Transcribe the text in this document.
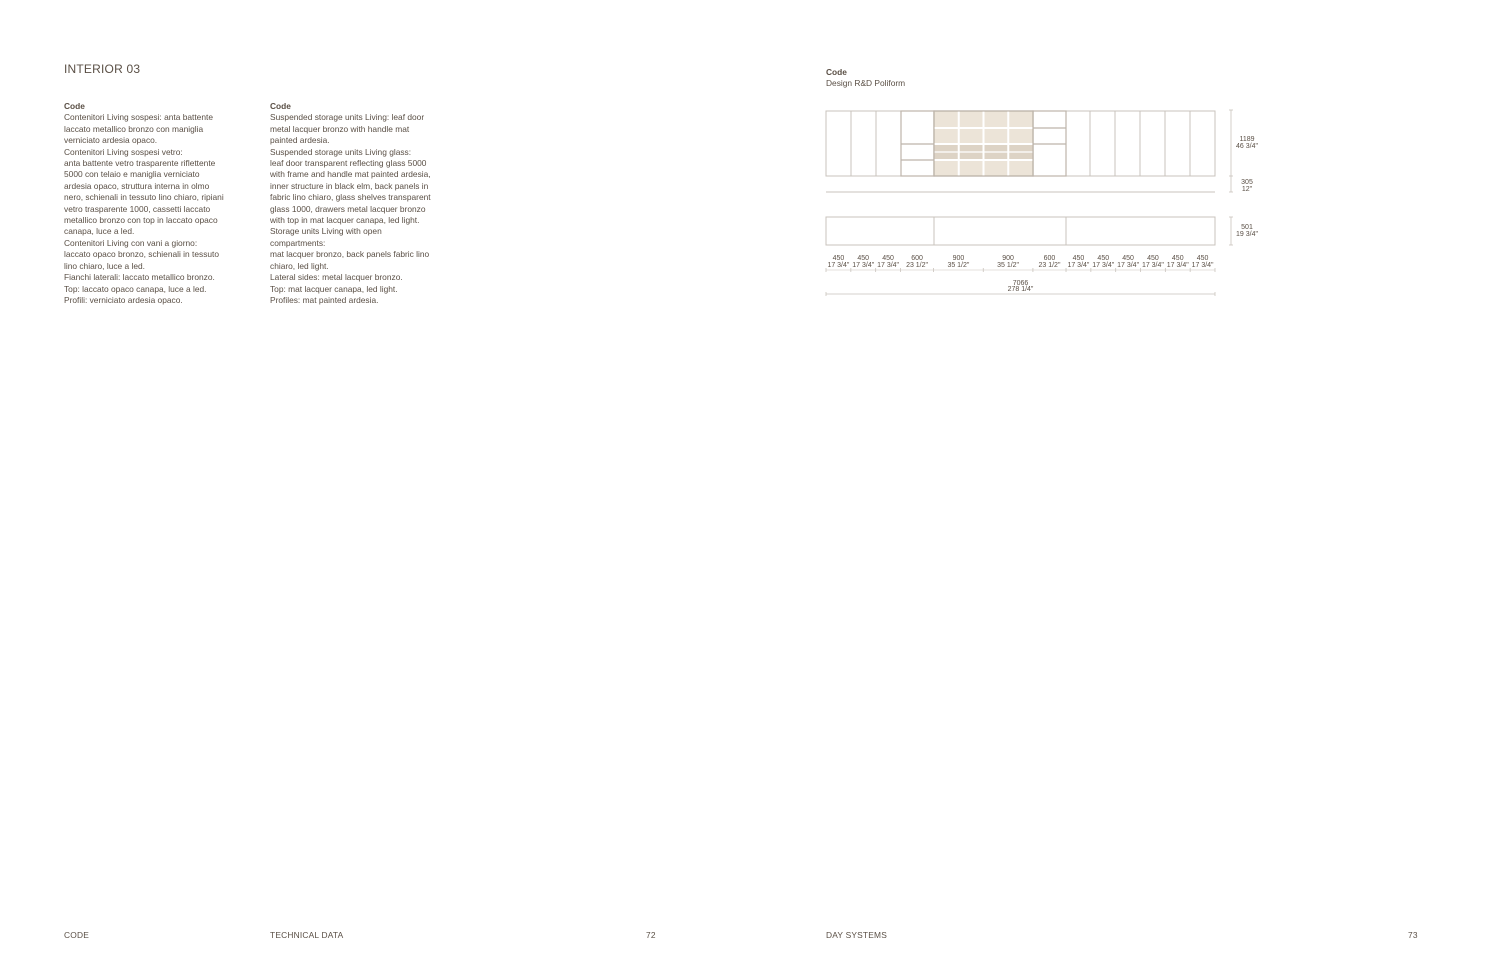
INTERIOR 03
Code
Contenitori Living sospesi: anta battente
laccato metallico bronzo con maniglia
verniciato ardesia opaco.
Contenitori Living sospesi vetro:
anta battente vetro trasparente riflettente
5000 con telaio e maniglia verniciato
ardesia opaco, struttura interna in olmo
nero, schienali in tessuto lino chiaro, ripiani
vetro trasparente 1000, cassetti laccato
metallico bronzo con top in laccato opaco
canapa, luce a led.
Contenitori Living con vani a giorno:
laccato opaco bronzo, schienali in tessuto
lino chiaro, luce a led.
Fianchi laterali: laccato metallico bronzo.
Top: laccato opaco canapa, luce a led.
Profili: verniciato ardesia opaco.
Code
Suspended storage units Living: leaf door
metal lacquer bronzo with handle mat
painted ardesia.
Suspended storage units Living glass:
leaf door transparent reflecting glass 5000
with frame and handle mat painted ardesia,
inner structure in black elm, back panels in
fabric lino chiaro, glass shelves transparent
glass 1000, drawers metal lacquer bronzo
with top in mat lacquer canapa, led light.
Storage units Living with open
compartments:
mat lacquer bronzo, back panels fabric lino
chiaro, led light.
Lateral sides: metal lacquer bronzo.
Top: mat lacquer canapa, led light.
Profiles: mat painted ardesia.
Code
Design R&D Poliform
1189
46 3/4"
305
12"
501
19 3/4"
450
17 3/4"
450
17 3/4"
450
17 3/4"
600
23 1/2"
900
35 1/2"
900
35 1/2"
600
23 1/2"
450
17 3/4"
450
17 3/4"
450
17 3/4"
450
17 3/4"
450
17 3/4"
450
17 3/4"
7066
278 1/4"
CODE	TECHNICAL DATA	72	DAY SYSTEMS	73
